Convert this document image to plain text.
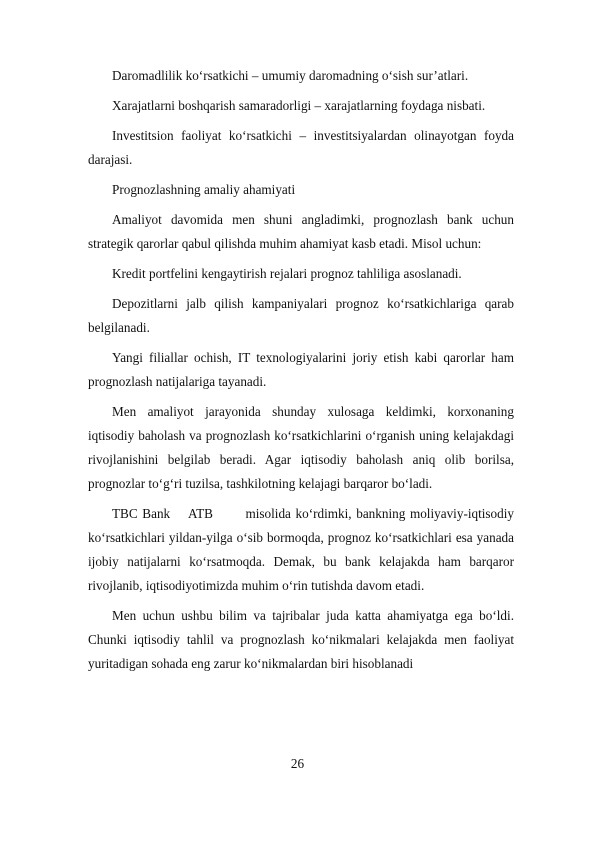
Daromadlilik ko‘rsatkichi – umumiy daromadning o‘sish sur’atlari.

Xarajatlarni boshqarish samaradorligi – xarajatlarning foydaga nisbati.

Investitsion faoliyat ko‘rsatkichi – investitsiyalardan olinayotgan foyda darajasi.

Prognozlashning amaliy ahamiyati

Amaliyot davomida men shuni angladimki, prognozlash bank uchun strategik qarorlar qabul qilishda muhim ahamiyat kasb etadi. Misol uchun:

Kredit portfelini kengaytirish rejalari prognoz tahliliga asoslanadi.

Depozitlarni jalb qilish kampaniyalari prognoz ko‘rsatkichlariga qarab belgilanadi.

Yangi filiallar ochish, IT texnologiyalarini joriy etish kabi qarorlar ham prognozlash natijalariga tayanadi.

Men amaliyot jarayonida shunday xulosaga keldimki, korxonaning iqtisodiy baholash va prognozlash ko‘rsatkichlarini o‘rganish uning kelajakdagi rivojlanishini belgilab beradi. Agar iqtisodiy baholash aniq olib borilsa, prognozlar to‘g‘ri tuzilsa, tashkilotning kelajagi barqaror bo‘ladi.

TBC Bank    ATB       misolida ko‘rdimki, bankning moliyaviy-iqtisodiy ko‘rsatkichlari yildan-yilga o‘sib bormoqda, prognoz ko‘rsatkichlari esa yanada ijobiy natijalarni ko‘rsatmoqda. Demak, bu bank kelajakda ham barqaror rivojlanib, iqtisodiyotimizda muhim o‘rin tutishda davom etadi.

Men uchun ushbu bilim va tajribalar juda katta ahamiyatga ega bo‘ldi. Chunki iqtisodiy tahlil va prognozlash ko‘nikmalari kelajakda men faoliyat yuritadigan sohada eng zarur ko‘nikmalardan biri hisoblanadi

26
